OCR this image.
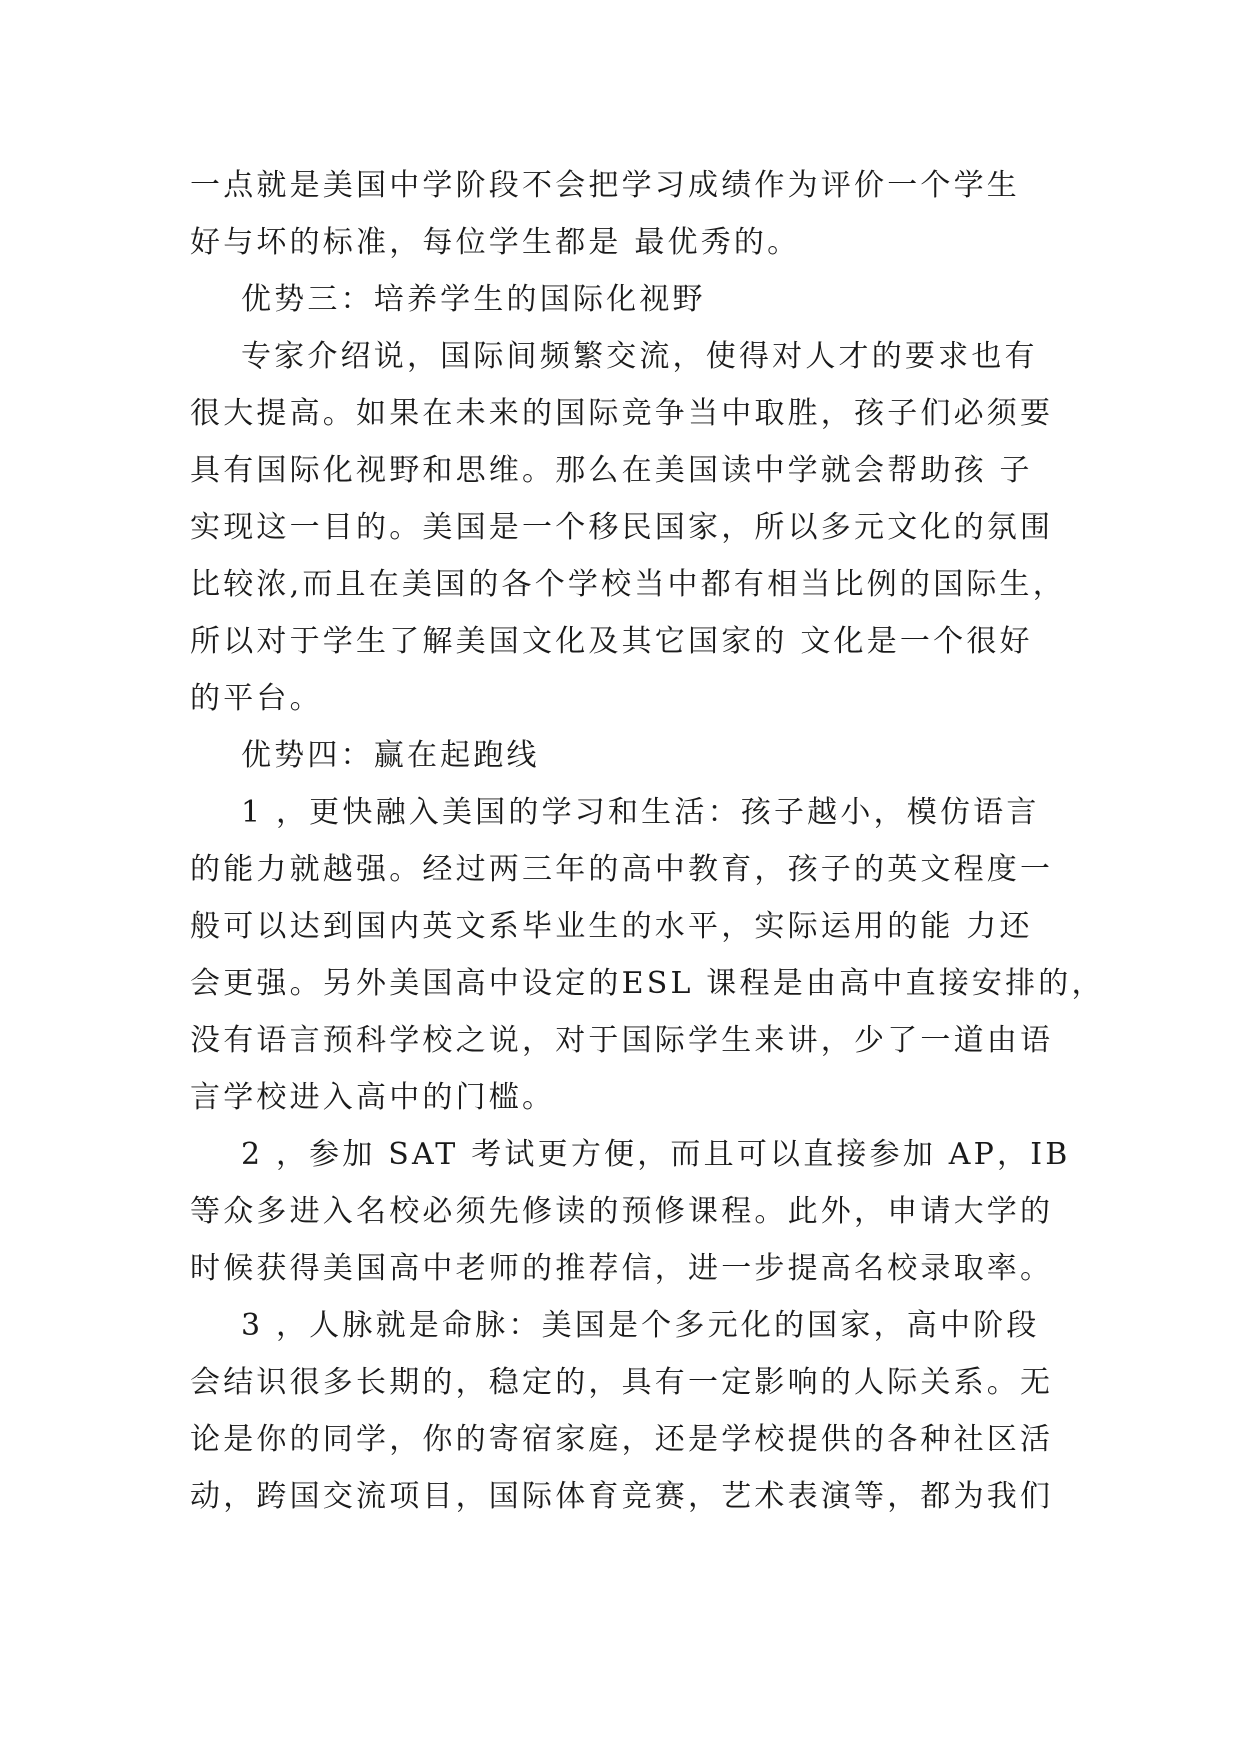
一点就是美国中学阶段不会把学习成绩作为评价一个学生
好与坏的标准，每位学生都是 最优秀的。
优势三：培养学生的国际化视野
专家介绍说，国际间频繁交流，使得对人才的要求也有
很大提高。如果在未来的国际竞争当中取胜，孩子们必须要
具有国际化视野和思维。那么在美国读中学就会帮助孩 子
实现这一目的。美国是一个移民国家，所以多元文化的氛围
比较浓,而且在美国的各个学校当中都有相当比例的国际生，
所以对于学生了解美国文化及其它国家的 文化是一个很好
的平台。
优势四：赢在起跑线
1 ，更快融入美国的学习和生活：孩子越小，模仿语言
的能力就越强。经过两三年的高中教育，孩子的英文程度一
般可以达到国内英文系毕业生的水平，实际运用的能 力还
会更强。另外美国高中设定的ESL 课程是由高中直接安排的，
没有语言预科学校之说，对于国际学生来讲，少了一道由语
言学校进入高中的门槛。
2 ，参加 SAT 考试更方便，而且可以直接参加 AP，IB
等众多进入名校必须先修读的预修课程。此外，申请大学的
时候获得美国高中老师的推荐信，进一步提高名校录取率。
3 ，人脉就是命脉：美国是个多元化的国家，高中阶段
会结识很多长期的，稳定的，具有一定影响的人际关系。无
论是你的同学，你的寄宿家庭，还是学校提供的各种社区活
动，跨国交流项目，国际体育竞赛，艺术表演等，都为我们
